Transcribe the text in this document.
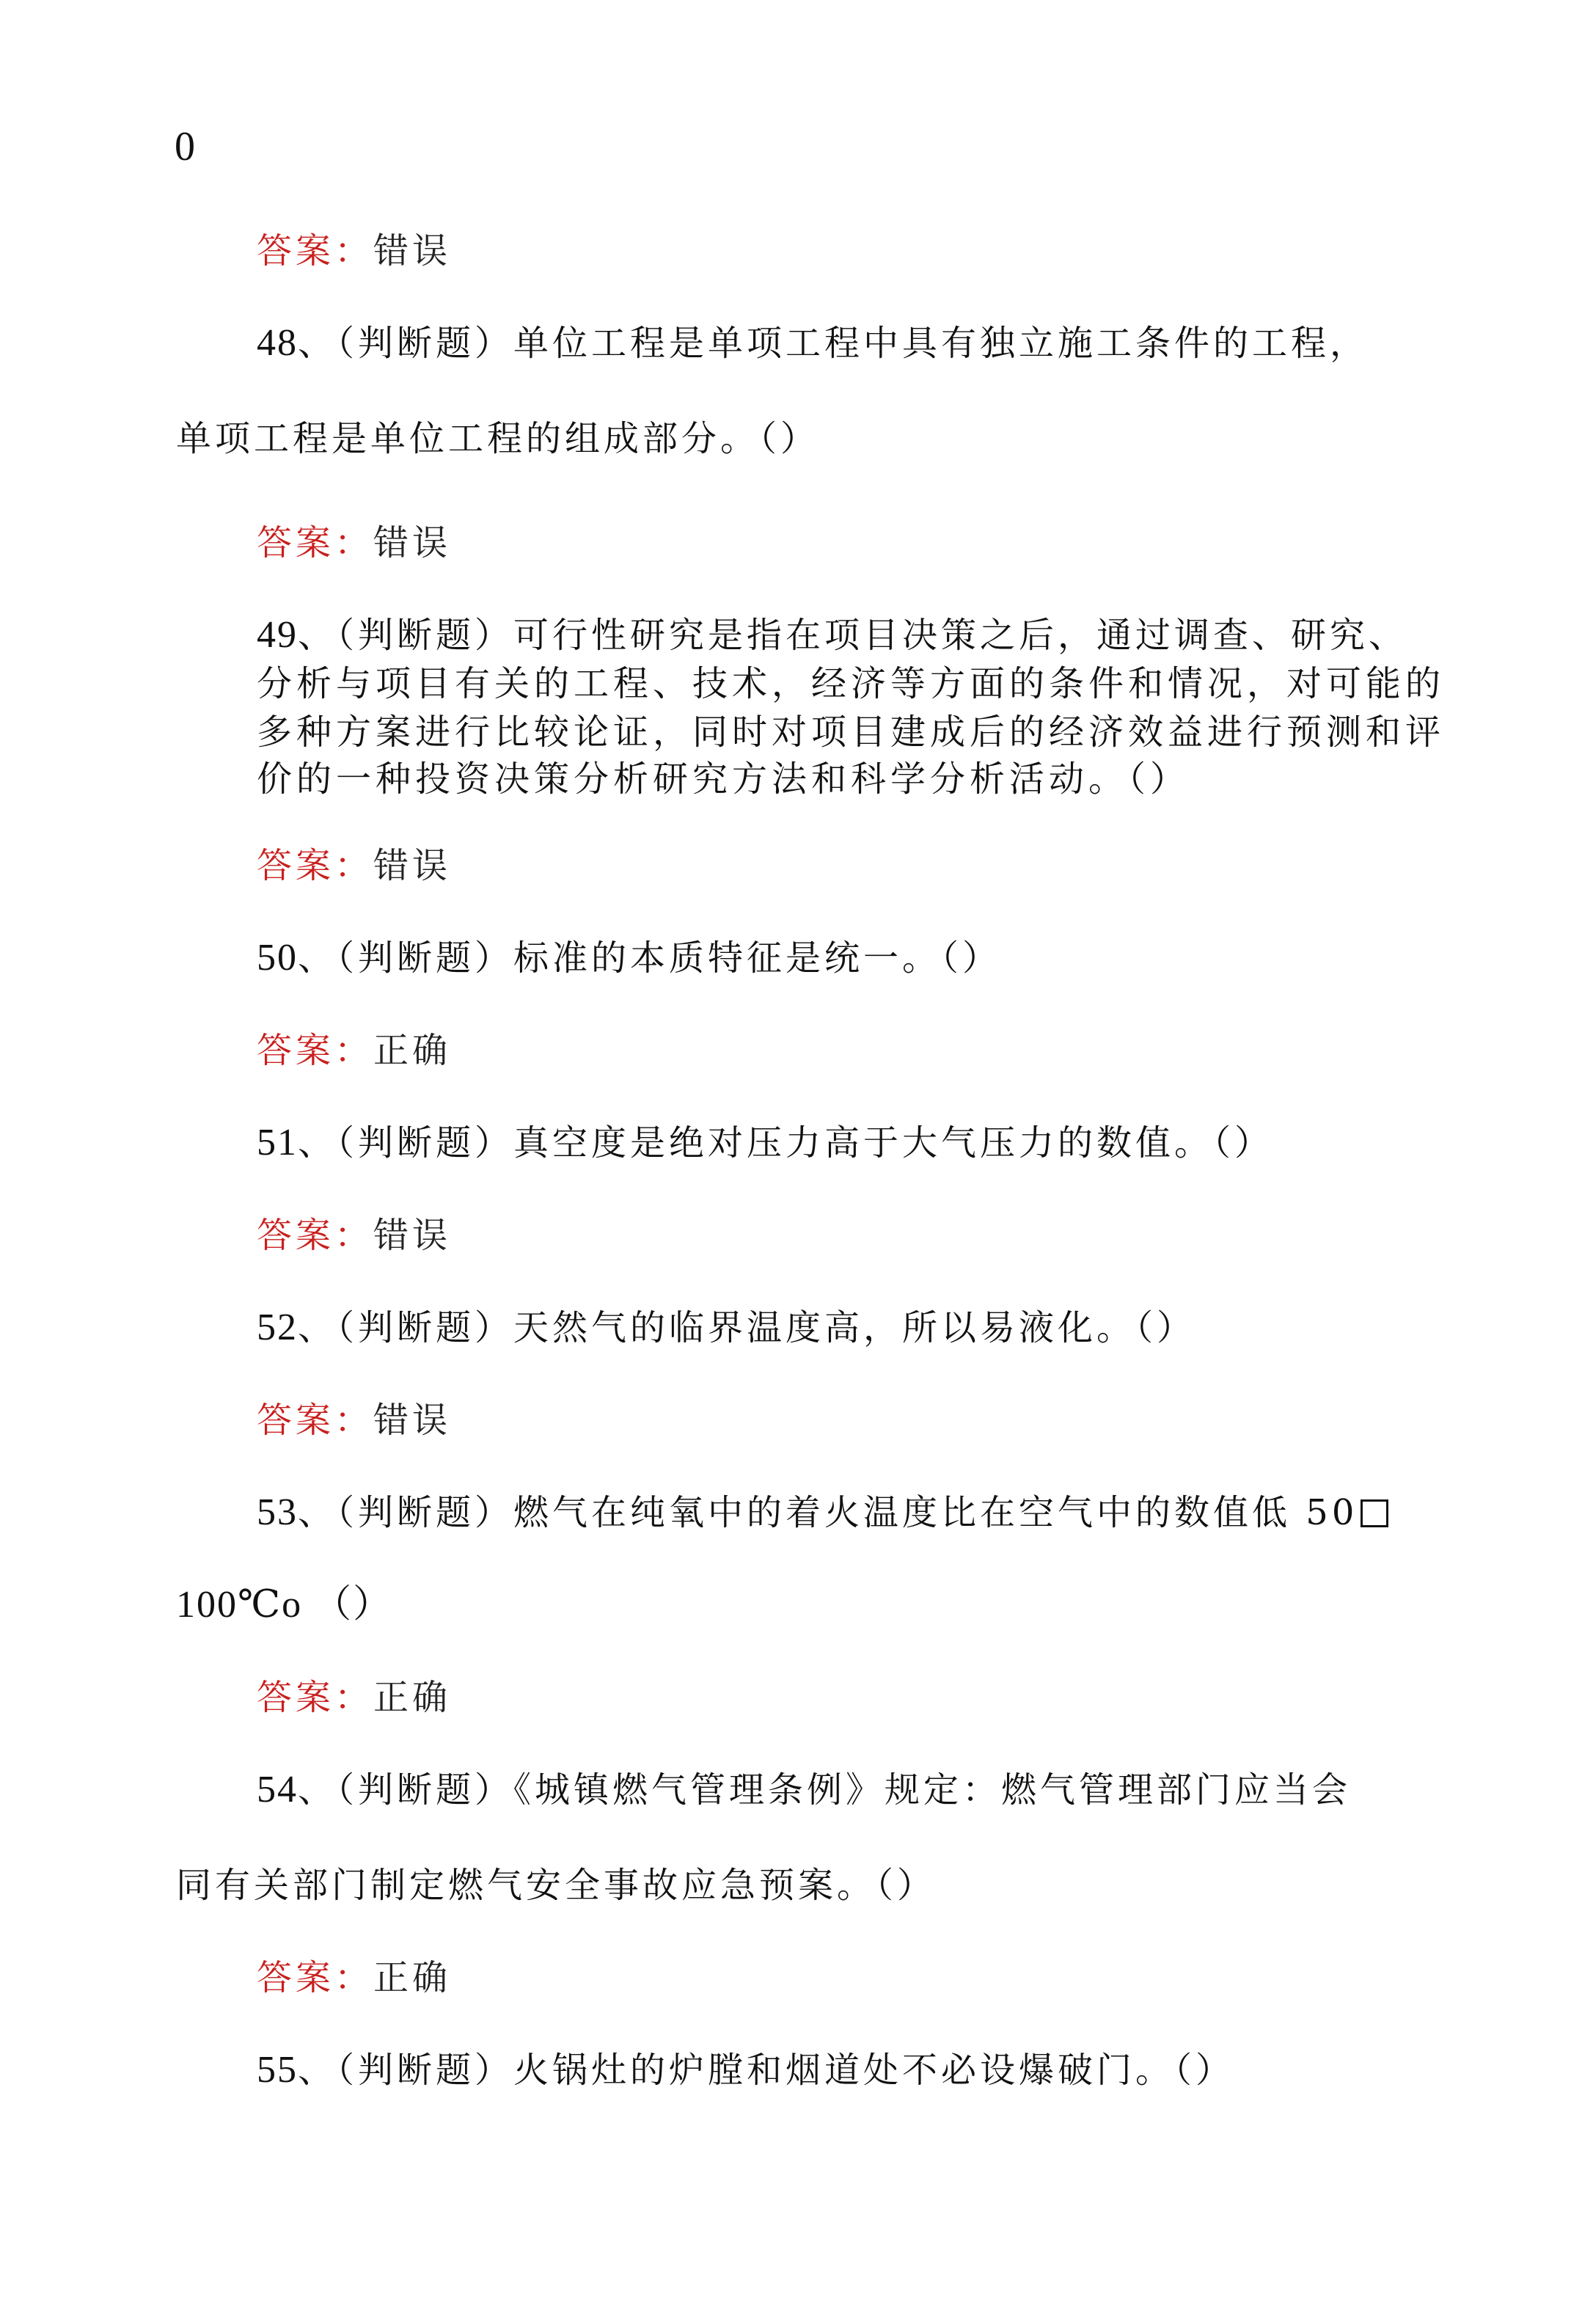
0
答案：错误
48、（判断题）单位工程是单项工程中具有独立施工条件的工程，
单项工程是单位工程的组成部分。（）
答案：错误
49、（判断题）可行性研究是指在项目决策之后，通过调查、研究、
分析与项目有关的工程、技术，经济等方面的条件和情况，对可能的
多种方案进行比较论证，同时对项目建成后的经济效益进行预测和评
价的一种投资决策分析研究方法和科学分析活动。（）
答案：错误
50、（判断题）标准的本质特征是统一。（）
答案：正确
51、（判断题）真空度是绝对压力高于大气压力的数值。（）
答案：错误
52、（判断题）天然气的临界温度高，所以易液化。（）
答案：错误
53、（判断题）燃气在纯氧中的着火温度比在空气中的数值低 50
100℃o （）
答案：正确
54、（判断题）《城镇燃气管理条例》规定：燃气管理部门应当会
同有关部门制定燃气安全事故应急预案。（）
答案：正确
55、（判断题）火锅灶的炉膛和烟道处不必设爆破门。（）
